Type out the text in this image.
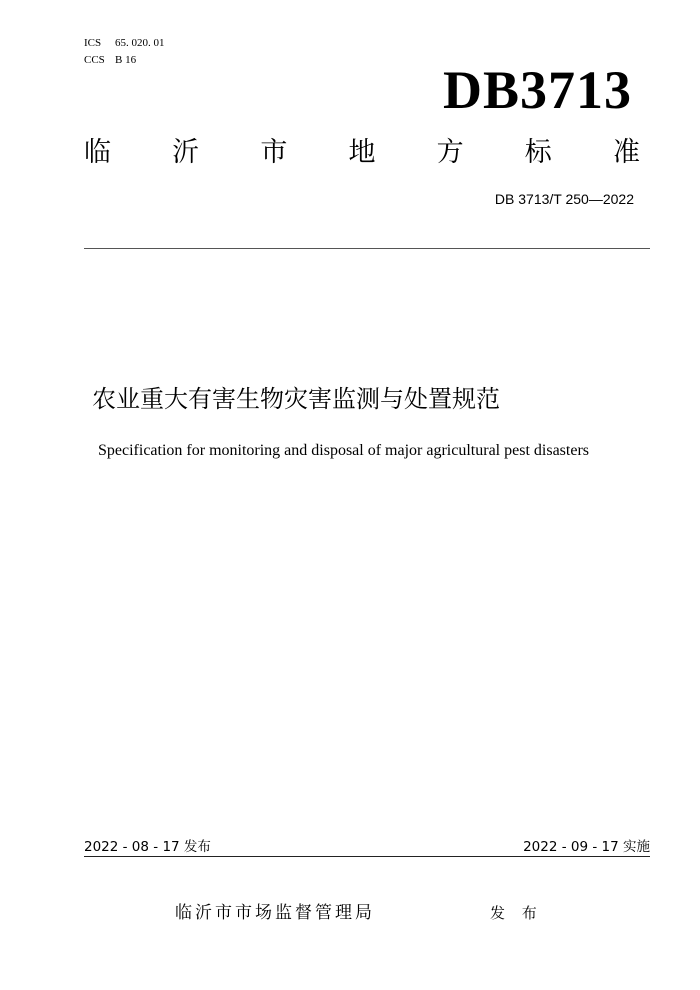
ICS 65. 020. 01
CCS B 16	DB3713
临 沂 市 地 方 标 准
DB 3713/T 250—2022
农业重大有害生物灾害监测与处置规范
Specification for monitoring and disposal of major agricultural pest disasters
2022 - 08 - 17 发布	2022 - 09 - 17 实施
临沂市市场监督管理局	发 布
